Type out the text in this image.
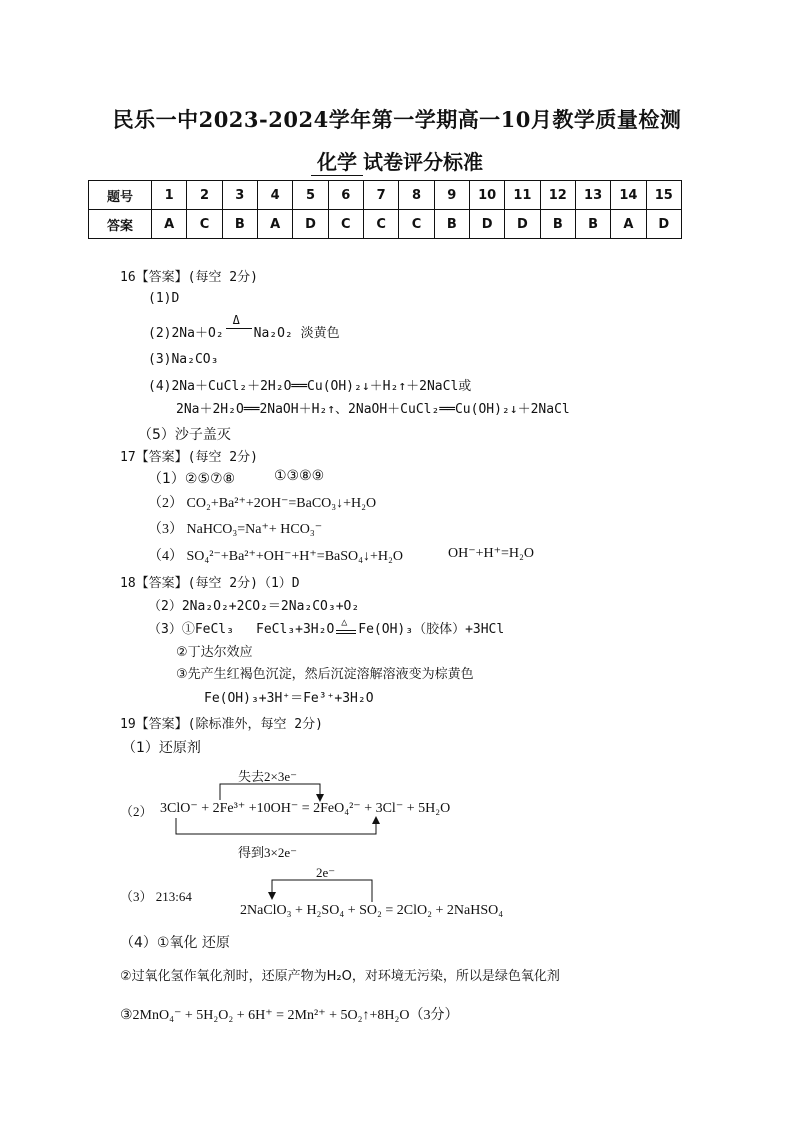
民乐一中2023-2024学年第一学期高一10月教学质量检测
化学 试卷评分标准
题号	1	2	3	4	5	6	7	8	9	10	11	12	13	14	15
答案	A	C	B	A	D	C	C	C	B	D	D	B	B	A	D
16【答案】(每空 2分)
(1)D
(2)2Na＋O₂
Δ
Na₂O₂ 淡黄色
(3)Na₂CO₃
(4)2Na＋CuCl₂＋2H₂O══Cu(OH)₂↓＋H₂↑＋2NaCl或
2Na＋2H₂O══2NaOH＋H₂↑、2NaOH＋CuCl₂══Cu(OH)₂↓＋2NaCl
（5）沙子盖灭
17【答案】(每空 2分)
（1）②⑤⑦⑧	①③⑧⑨
（2） CO₂+Ba²⁺+2OH⁻=BaCO₃↓+H₂O
（3） NaHCO₃=Na⁺+ HCO₃⁻
（4） SO₄²⁻+Ba²⁺+OH⁻+H⁺=BaSO₄↓+H₂O	OH⁻+H⁺=H₂O
18【答案】(每空 2分)（1）D
（2）2Na₂O₂+2CO₂＝2Na₂CO₃+O₂
（3）①FeCl₃ FeCl₃+3H₂O △ Fe(OH)₃（胶体）+3HCl
②丁达尔效应
③先产生红褐色沉淀，然后沉淀溶解溶液变为棕黄色
Fe(OH)₃+3H⁺＝Fe³⁺+3H₂O
19【答案】(除标准外，每空 2分)
（1）还原剂
失去2×3e⁻
（2） 3ClO⁻ + 2Fe³⁺ +10OH⁻ = 2FeO₄²⁻ + 3Cl⁻ + 5H₂O
得到3×2e⁻
2e⁻
（3） 213:64
2NaClO₃ + H₂SO₄ + SO₂ = 2ClO₂ + 2NaHSO₄
（4）①氧化 还原
②过氧化氢作氧化剂时，还原产物为H₂O，对环境无污染，所以是绿色氧化剂
③2MnO₄⁻ + 5H₂O₂ + 6H⁺ = 2Mn²⁺ + 5O₂↑+8H₂O（3分）
